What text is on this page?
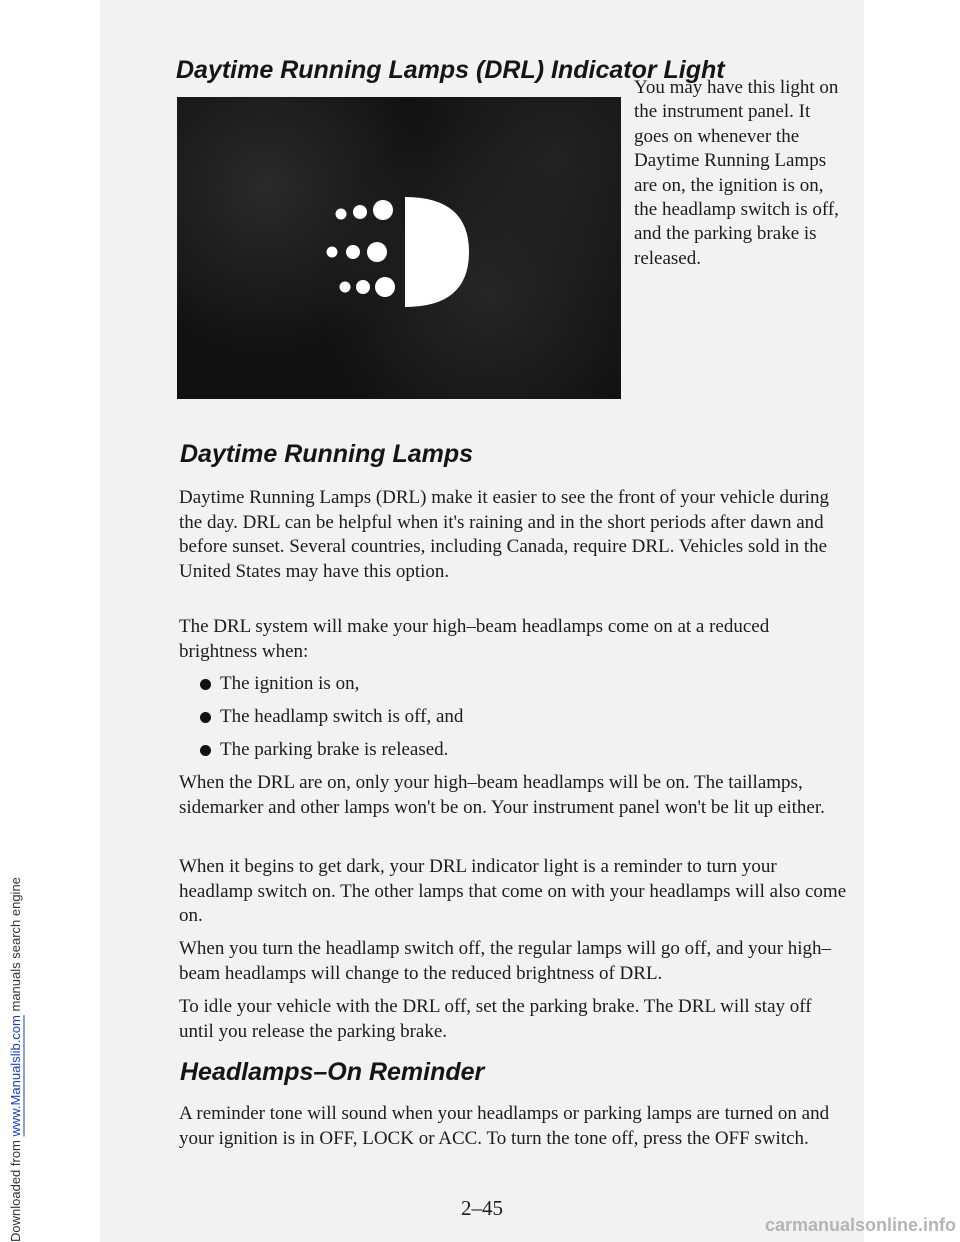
Downloaded from www.Manualslib.com manuals search engine
Daytime Running Lamps (DRL) Indicator Light

You may have this light on the instrument panel. It goes on whenever the Daytime Running Lamps are on, the ignition is on, the headlamp switch is off, and the parking brake is released.

Daytime Running Lamps

Daytime Running Lamps (DRL) make it easier to see the front of your vehicle during the day. DRL can be helpful when it's raining and in the short periods after dawn and before sunset. Several countries, including Canada, require DRL. Vehicles sold in the United States may have this option.

The DRL system will make your high–beam headlamps come on at a reduced brightness when:

The ignition is on,
The headlamp switch is off, and
The parking brake is released.

When the DRL are on, only your high–beam headlamps will be on. The taillamps, sidemarker and other lamps won't be on. Your instrument panel won't be lit up either.

When it begins to get dark, your DRL indicator light is a reminder to turn your headlamp switch on. The other lamps that come on with your headlamps will also come on.

When you turn the headlamp switch off, the regular lamps will go off, and your high–beam headlamps will change to the reduced brightness of DRL.

To idle your vehicle with the DRL off, set the parking brake. The DRL will stay off until you release the parking brake.

Headlamps–On Reminder

A reminder tone will sound when your headlamps or parking lamps are turned on and your ignition is in OFF, LOCK or ACC. To turn the tone off, press the OFF switch.

2–45
carmanualsonline.info
